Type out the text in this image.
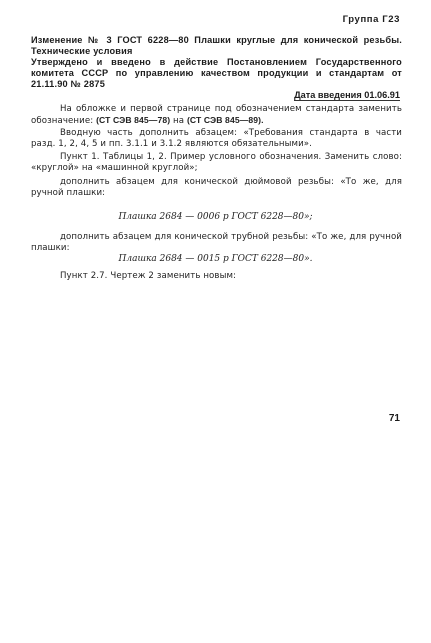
Группа Г23
Изменение № 3 ГОСТ 6228—80 Плашки круглые для конической резьбы. Технические условия
Утверждено и введено в действие Постановлением Государственного комитета СССР по управлению качеством продукции и стандартам от 21.11.90 № 2875
Дата введения 01.06.91
На обложке и первой странице под обозначением стандарта заменить обозначение: (СТ СЭВ 845—78) на (СТ СЭВ 845—89).
Вводную часть дополнить абзацем: «Требования стандарта в части разд. 1, 2, 4, 5 и пп. 3.1.1 и 3.1.2 являются обязательными».
Пункт 1. Таблицы 1, 2. Пример условного обозначения. Заменить слово: «круглой» на «машинной круглой»;
дополнить абзацем для конической дюймовой резьбы: «То же, для ручной плашки:
Плашка 2684 — 0006 р ГОСТ 6228—80»;
дополнить абзацем для конической трубной резьбы: «То же, для ручной плашки:
Плашка 2684 — 0015 р ГОСТ 6228—80».
Пункт 2.7. Чертеж 2 заменить новым:
71
